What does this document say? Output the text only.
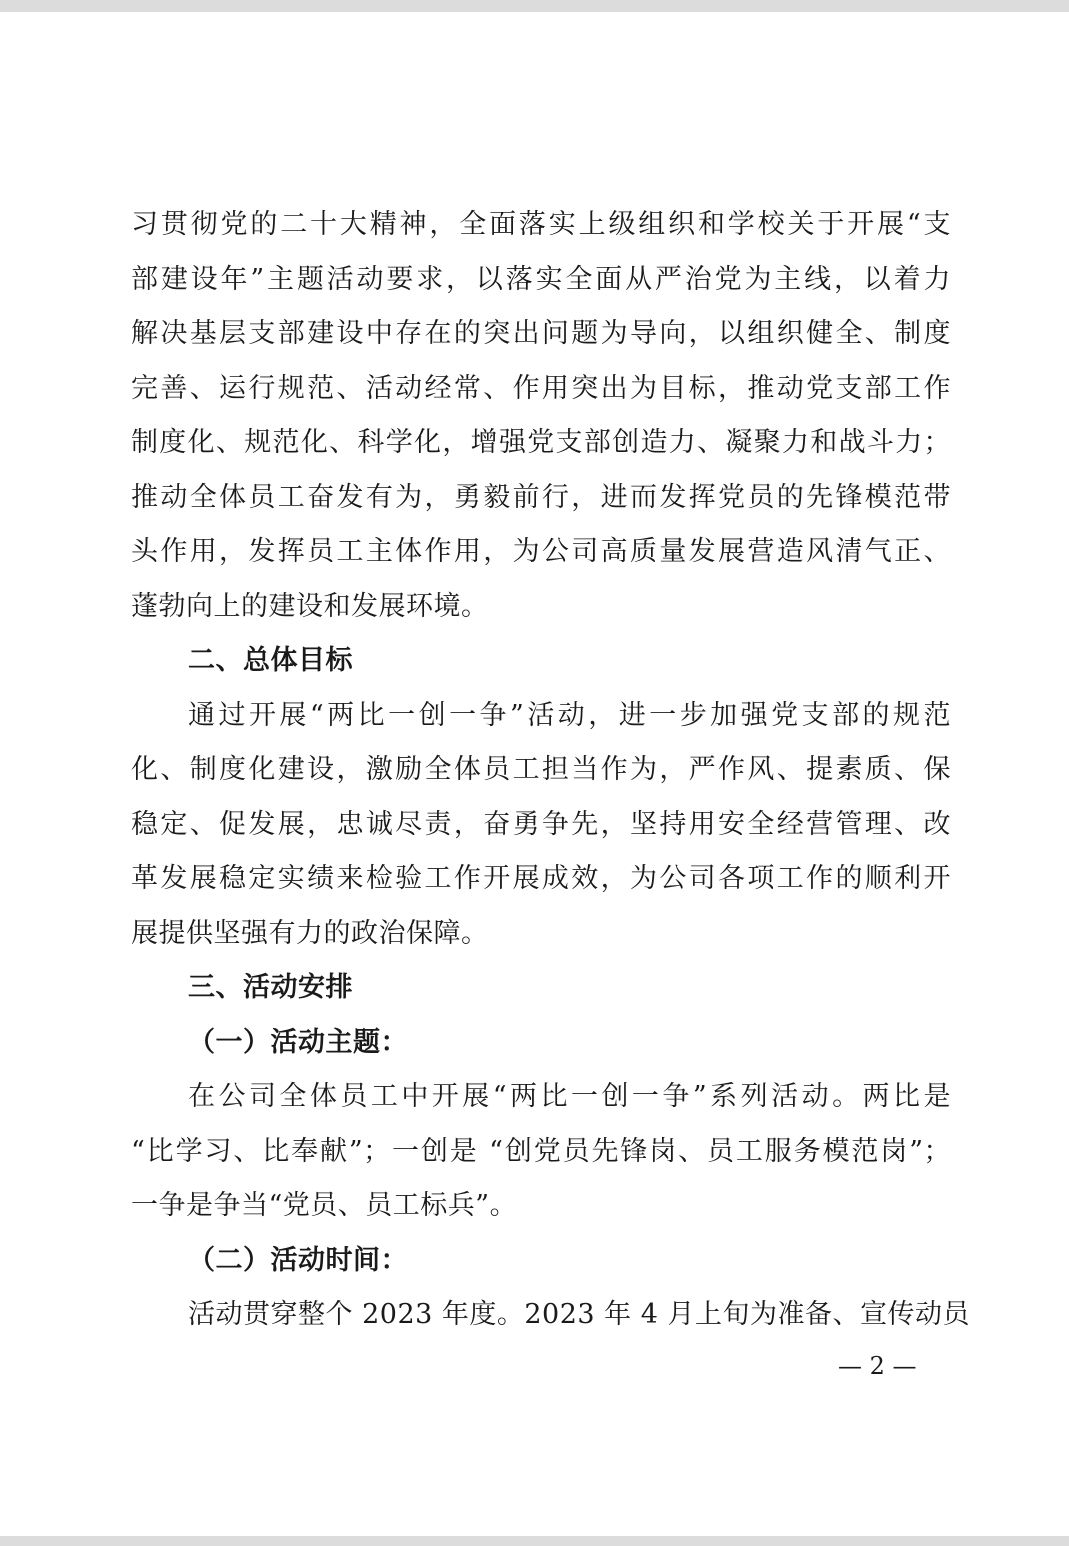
习贯彻党的二十大精神，全面落实上级组织和学校关于开展“支
部建设年”主题活动要求，以落实全面从严治党为主线，以着力
解决基层支部建设中存在的突出问题为导向，以组织健全、制度
完善、运行规范、活动经常、作用突出为目标，推动党支部工作
制度化、规范化、科学化，增强党支部创造力、凝聚力和战斗力；
推动全体员工奋发有为，勇毅前行，进而发挥党员的先锋模范带
头作用，发挥员工主体作用，为公司高质量发展营造风清气正、
蓬勃向上的建设和发展环境。
二、总体目标
通过开展“两比一创一争”活动，进一步加强党支部的规范
化、制度化建设，激励全体员工担当作为，严作风、提素质、保
稳定、促发展，忠诚尽责，奋勇争先，坚持用安全经营管理、改
革发展稳定实绩来检验工作开展成效，为公司各项工作的顺利开
展提供坚强有力的政治保障。
三、活动安排
（一）活动主题：
在公司全体员工中开展“两比一创一争”系列活动。两比是
“比学习、比奉献”；一创是 “创党员先锋岗、员工服务模范岗”；
一争是争当“党员、员工标兵”。
（二）活动时间：
活动贯穿整个 2023 年度。2023 年 4 月上旬为准备、宣传动员
— 2 —
